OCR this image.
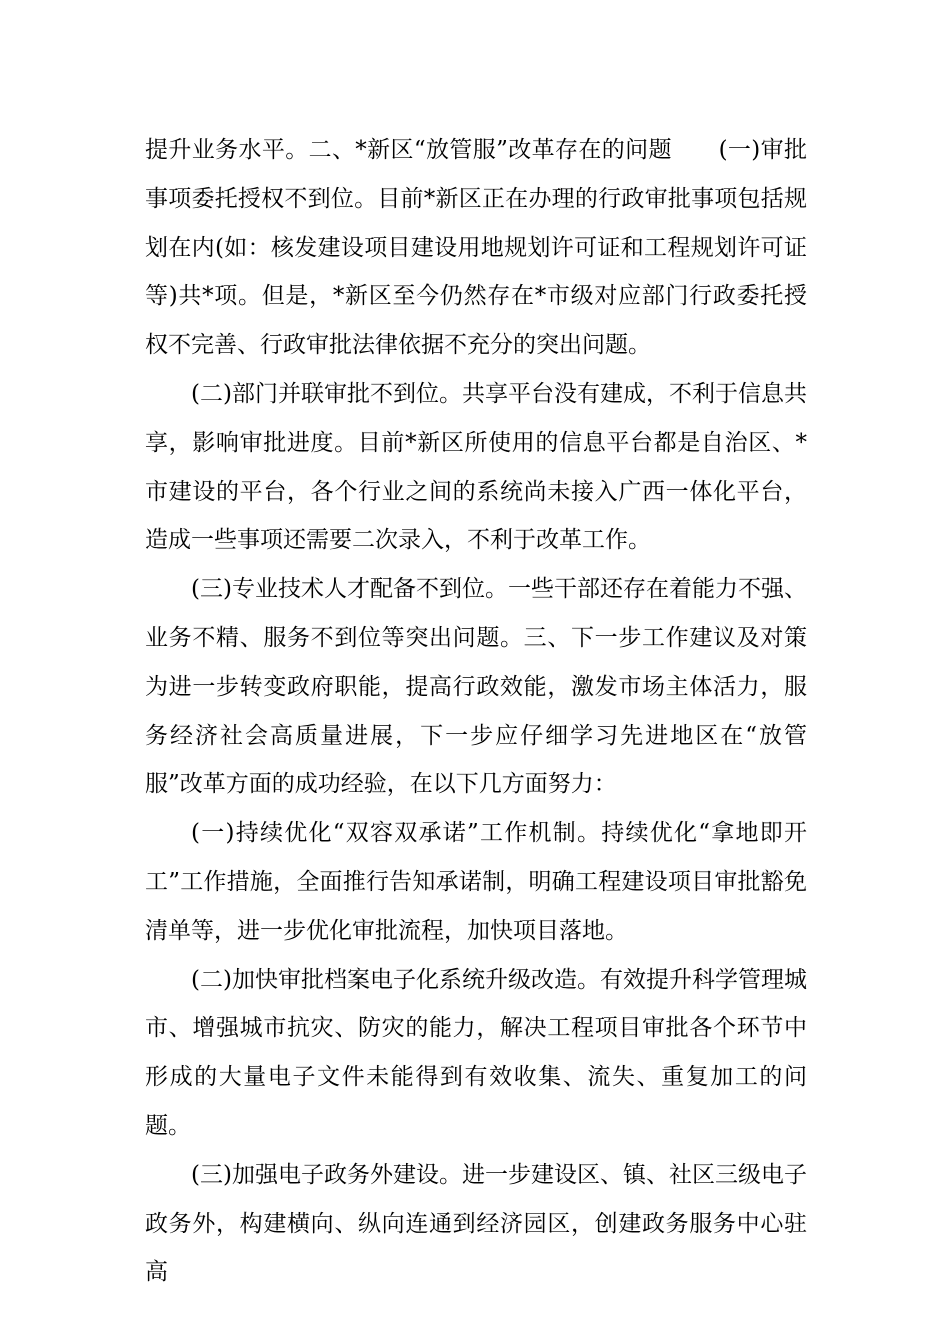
提升业务水平。二、*新区“放管服”改革存在的问题　　(一)审批事项委托授权不到位。目前*新区正在办理的行政审批事项包括规划在内(如：核发建设项目建设用地规划许可证和工程规划许可证等)共*项。但是，*新区至今仍然存在*市级对应部门行政委托授权不完善、行政审批法律依据不充分的突出问题。

(二)部门并联审批不到位。共享平台没有建成，不利于信息共享，影响审批进度。目前*新区所使用的信息平台都是自治区、*市建设的平台，各个行业之间的系统尚未接入广西一体化平台，造成一些事项还需要二次录入，不利于改革工作。

(三)专业技术人才配备不到位。一些干部还存在着能力不强、业务不精、服务不到位等突出问题。三、下一步工作建议及对策为进一步转变政府职能，提高行政效能，激发市场主体活力，服务经济社会高质量进展，下一步应仔细学习先进地区在“放管服”改革方面的成功经验，在以下几方面努力：

(一)持续优化“双容双承诺”工作机制。持续优化“拿地即开工”工作措施，全面推行告知承诺制，明确工程建设项目审批豁免清单等，进一步优化审批流程，加快项目落地。

(二)加快审批档案电子化系统升级改造。有效提升科学管理城市、增强城市抗灾、防灾的能力，解决工程项目审批各个环节中形成的大量电子文件未能得到有效收集、流失、重复加工的问题。

(三)加强电子政务外建设。进一步建设区、镇、社区三级电子政务外，构建横向、纵向连通到经济园区，创建政务服务中心驻高
